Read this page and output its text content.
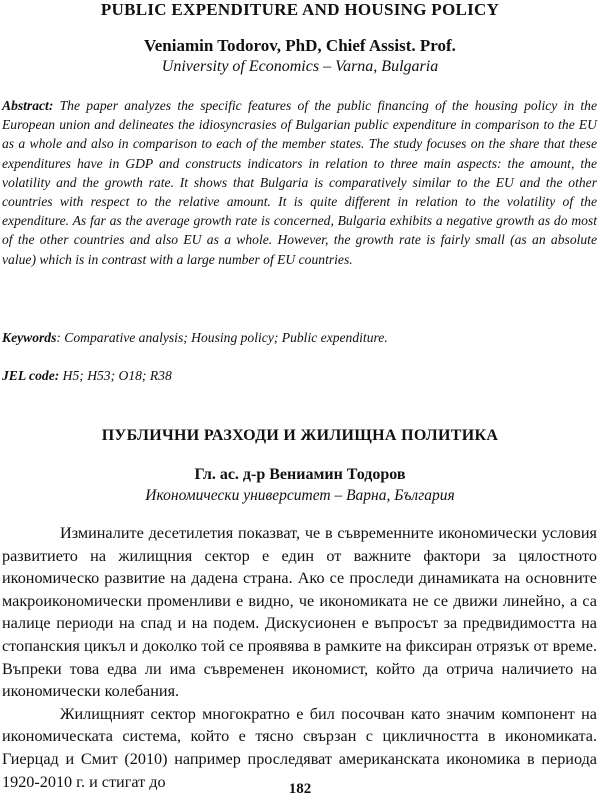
PUBLIC EXPENDITURE AND HOUSING POLICY
Veniamin Todorov, PhD, Chief Assist. Prof.
University of Economics – Varna, Bulgaria

Abstract: The paper analyzes the specific features of the public financing of the housing policy in the European union and delineates the idiosyncrasies of Bulgarian public expenditure in comparison to the EU as a whole and also in comparison to each of the member states. The study focuses on the share that these expenditures have in GDP and constructs indicators in relation to three main aspects: the amount, the volatility and the growth rate. It shows that Bulgaria is comparatively similar to the EU and the other countries with respect to the relative amount. It is quite different in relation to the volatility of the expenditure. As far as the average growth rate is concerned, Bulgaria exhibits a negative growth as do most of the other countries and also EU as a whole. However, the growth rate is fairly small (as an absolute value) which is in contrast with a large number of EU countries.

Keywords: Comparative analysis; Housing policy; Public expenditure.

JEL code: H5; H53; O18; R38

ПУБЛИЧНИ РАЗХОДИ И ЖИЛИЩНА ПОЛИТИКА
Гл. ас. д-р Вениамин Тодоров
Икономически университет – Варна, България

Изминалите десетилетия показват, че в съвременните икономически условия развитието на жилищния сектор е един от важните фактори за цялостното икономическо развитие на дадена страна. Ако се проследи динамиката на основните макроикономически променливи е видно, че икономиката не се движи линейно, а са налице периоди на спад и на подем. Дискусионен е въпросът за предвидимостта на стопанския цикъл и доколко той се проявява в рамките на фиксиран отрязък от време. Въпреки това едва ли има съвременен икономист, който да отрича наличието на икономически колебания.

Жилищният сектор многократно е бил посочван като значим компонент на икономическата система, който е тясно свързан с цикличността в икономиката. Гиерцад и Смит (2010) например проследяват американската икономика в периода 1920-2010 г. и стигат до	182
